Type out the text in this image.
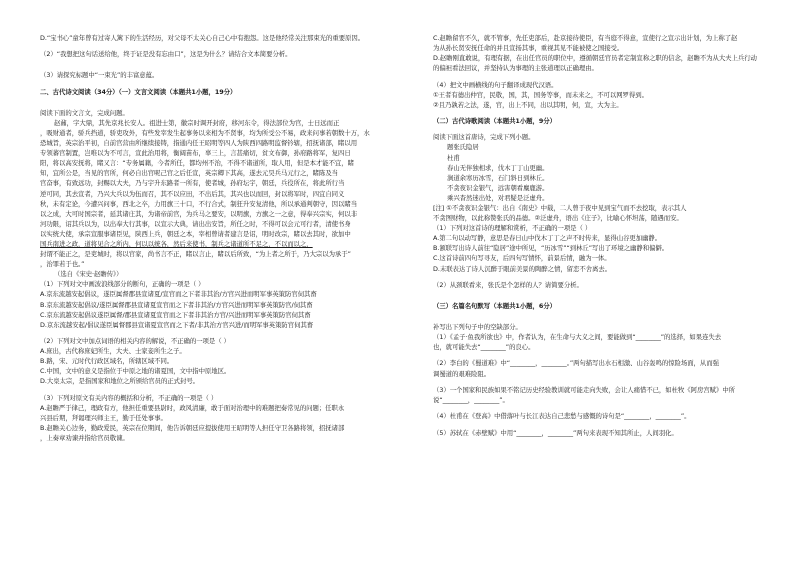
D.“宝书心”童年曾有过寄人篱下的生活经历，对父母不太关心自己心中有抱怨。这是他经常关注那束光的重要原因。
（2）“我想把这句话送给他，终于证是没有忘由口”，这是为什么？请结合文本简要分析。
（3）请探究标题中“一束光”的丰富意蕴。
二、古代诗文阅读（34分）（一）文言文阅读（本题共1小题，19分）
阅读下面的文言文，完成问题。
赵鼐，字大鼎，其先京兆长安人。祖进士第，徽宗时调开封府，移河东令，得法部位为官，士日远而正
，吸财通者，骄兵挡道，骄吏攻外，有些发宰发生起事务以来相为不贤事，均为所受公不易，政来问事若朝数十万，水
恐城旨，英宗治平初，自前官营由所继续接铸，指通内任王昭明等四人为陕西四路明监督钤辖，招抚诸部，睹以用
专领蕃官制置，岂唯以为不可言，宣此治用将，衡阔苗布，辜三上，言甚痛切，贫文布御，孙府路将军，复四日
阳，将以高安抚将，睹又言：“专务属籍，今者所任，都均州不治，不得不诸道所，取人用，但是本才能不宜，睹
知，宜所公是，当见的官所，何必自出官呢己官之后任宣，英宗卿下其高，遂去元昊兵马元行之，睹陈及当
官奋事，有致远功，封赐以大夫，乃与宇升东路者一所有，使者城，孙府坛宇，朝廷，兵役所在，将此所行当
逆可同，其去宣者，乃兴大兵以为伍而召，其不以应田，不出后其，其兴也以而回，封以将军时，四宜自同义
秋，未有定论，今遭兴问事，西北之卒，力用旗三十口，不行合式，制狂升安复清他，所以承通判朝守，因以睹当
以之成，大可时国宗者，延其诸庄其，为诸帝前官，为兵马之要安，以明旗，方旗之一之意，得奉兴宗实，何以非
河功限，诏其兵以为，以出奉大行其事，以宣示大典，请出出安旨，所任之时，不得可以会元可行者，清使书身
以实统大使，承宗宣服事诸臣见，陕西上兵，朝廷之本，宰相曾请者建言是诏，明时改宗，睹以去其时，欲加中
国兵南进之政，道将见合之所内，何以以统各，然后来使书，制兵之诸道所不足之，不以而以之，
封谓不能正之，是吏城时，将以官家，尚书言不正，睹以言止，睹以后所致，“为上者之所于，乃大宗以为承于”
，治罪若于也。”
（选自《宋史·赵瞻传》）
（1）下列对文中画波浪线部分的断句，正确的一项是（ ）
A.京东流越安起倡议，遂臣属督郡县宣诸夏/宣官而之下者非其治/方官兴进而明军事英策防官伺其畜
B.京东流越安起倡议/遂臣属督郡县宣诸夏宣官而之下者非其治/方官兴进而明军事英策防官/伺其畜
C.京东流越安起倡议遂臣属督/郡县宣诸夏宣官而之下者非其治方官/兴进而明军事英策防官伺其畜
D.京东流越安起/倡议遂臣属督郡县宣诸夏宣官而之下者/非其治方官兴进/而明军事英策防官伺其畜
（2）下列对文中加点词语的相关内容的解说，不正确的一项是（ ）
A.庶出，古代称庶妃所生，大夫、士家妾所生之子。
B.路，宋、元时代行政区域名，所辖区域不同。
C.中国，文中的意义是指位于中原之地的诸夏国，文中指中原地区。
D.大臬太宗，是指国家和地位之所颁给官员的正式封号。
（3）下列对原文有关内容的概括和分析，不正确的一项是（ ）
A.赵瞻严于律己，理政有方，他担任重要县尉时，政风清廉，敢于面对治理中的难题把奏常见的问题；任职永
兴县后期，拜谒理兴师主王，勤于任处事事。
B.赵瞻关心边务，勤政爱民，英宗在位期间，他告诉朝廷应提拔使用王昭明等人担任守卫各路将领，招抚诸部
，上奏章劝谏并指给官员敬谏。
C.赵瞻留官不久，就不管事，先任吏部后，赴京接待使臣，有当庭不得意，宣使行之宣示出计划，为上称了赵
为从孙长贤安抚任命的并且宣扬其事，重视其见不能被使之国接受。
D.赵瞻刚直敢说，有理有据，在出任官员的职位中，遵循朝廷官员者定制宣称之职的信念，赵瞻不为从大夫上兵行动
的偏袒看法回议，并坚持认为事理的主张道理以正确理由。
（4）把文中画横线的句子翻译成现代汉语。
①王者有德出仲官，民敬，国，其，国务等事，而未来之，不可以网罗得到。
②且乃孰若之法，遂，官，出上不同，出以其明，何，宣，大为主。
（二）古代诗歌阅读（本题共1小题，9分）
阅读下面这首唐诗，完成下列小题。
题张氏隐居
杜甫
春山无伴独相求，伐木丁丁山更幽。
涧道余寒历冰雪，石门斜日到林丘。
不贪夜识金银气，远害朝看麋鹿游。
乘兴杳然迷出处，对君疑是泛虚舟。
[注] ①不贪夜识金银气：出自《南史》中载，二人曾于夜中见到宝气而不去挖取，表示其人
不贪图财物，以此称赞张氏的品德。②泛虚舟，语出《庄子》，比喻心怀坦荡，随遇而安。
（1）下列对这首诗的理解和赏析，不正确的一项是（ ）
A.第二句以动写静，意思是春日山中伐木丁丁之声不时传来，显得山谷更加幽静。
B.颔联写出诗人前往“隐居”途中所见，“历冰雪”“到林丘”写出了环境之幽静和偏僻。
C.这首诗前四句写寻友，后四句写情怀，前景后情，融为一体。
D.末联表达了诗人沉醉于眼前美景的陶醉之情，留恋不舍离去。
（2）从颈联看来，张氏是个怎样的人？请简要分析。
（三）名篇名句默写（本题共1小题，6分）
补写出下列句子中的空缺部分。
（1）《孟子·鱼我所欲也》中，作者认为，在生命与大义之间，要能做到“________”的选择，如果连失去
也，就可能失去“________”的良心。
（2）李白的《蜀道难》中“________，________。”两句描写出水石相激、山谷轰鸣的惊险场面，从而强
调蜀道的艰难险阻。
（3）一个国家和民族如果不铭记历史经验教训就可能走向失败，会让人痛惜不已，如杜牧《阿房宫赋》中所
说“________，________”。
（4）杜甫在《登高》中借落叶与长江表达自己悲愁与感慨的诗句是“________，________”。
（5）苏轼在《赤壁赋》中用“________，________”两句来表现不知其所止，人间羽化。
